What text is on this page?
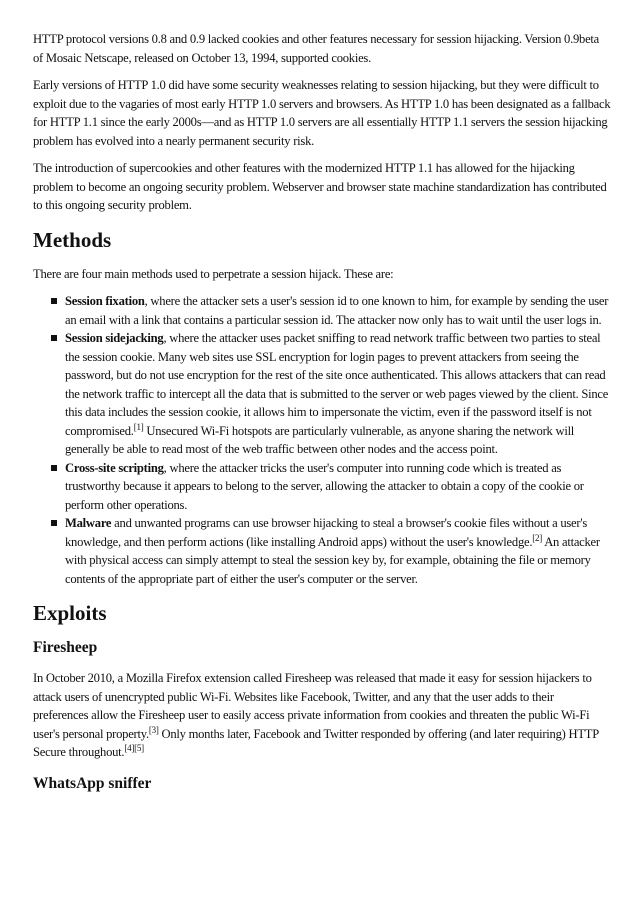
HTTP protocol versions 0.8 and 0.9 lacked cookies and other features necessary for session hijacking. Version 0.9beta of Mosaic Netscape, released on October 13, 1994, supported cookies.

Early versions of HTTP 1.0 did have some security weaknesses relating to session hijacking, but they were difficult to exploit due to the vagaries of most early HTTP 1.0 servers and browsers. As HTTP 1.0 has been designated as a fallback for HTTP 1.1 since the early 2000s—and as HTTP 1.0 servers are all essentially HTTP 1.1 servers the session hijacking problem has evolved into a nearly permanent security risk.

The introduction of supercookies and other features with the modernized HTTP 1.1 has allowed for the hijacking problem to become an ongoing security problem. Webserver and browser state machine standardization has contributed to this ongoing security problem.

Methods

There are four main methods used to perpetrate a session hijack. These are:

Session fixation, where the attacker sets a user's session id to one known to him, for example by sending the user an email with a link that contains a particular session id. The attacker now only has to wait until the user logs in.
Session sidejacking, where the attacker uses packet sniffing to read network traffic between two parties to steal the session cookie. Many web sites use SSL encryption for login pages to prevent attackers from seeing the password, but do not use encryption for the rest of the site once authenticated. This allows attackers that can read the network traffic to intercept all the data that is submitted to the server or web pages viewed by the client. Since this data includes the session cookie, it allows him to impersonate the victim, even if the password itself is not compromised.[1] Unsecured Wi-Fi hotspots are particularly vulnerable, as anyone sharing the network will generally be able to read most of the web traffic between other nodes and the access point.
Cross-site scripting, where the attacker tricks the user's computer into running code which is treated as trustworthy because it appears to belong to the server, allowing the attacker to obtain a copy of the cookie or perform other operations.
Malware and unwanted programs can use browser hijacking to steal a browser's cookie files without a user's knowledge, and then perform actions (like installing Android apps) without the user's knowledge.[2] An attacker with physical access can simply attempt to steal the session key by, for example, obtaining the file or memory contents of the appropriate part of either the user's computer or the server.
Exploits
Firesheep

In October 2010, a Mozilla Firefox extension called Firesheep was released that made it easy for session hijackers to attack users of unencrypted public Wi-Fi. Websites like Facebook, Twitter, and any that the user adds to their preferences allow the Firesheep user to easily access private information from cookies and threaten the public Wi-Fi user's personal property.[3] Only months later, Facebook and Twitter responded by offering (and later requiring) HTTP Secure throughout.[4][5]

WhatsApp sniffer
